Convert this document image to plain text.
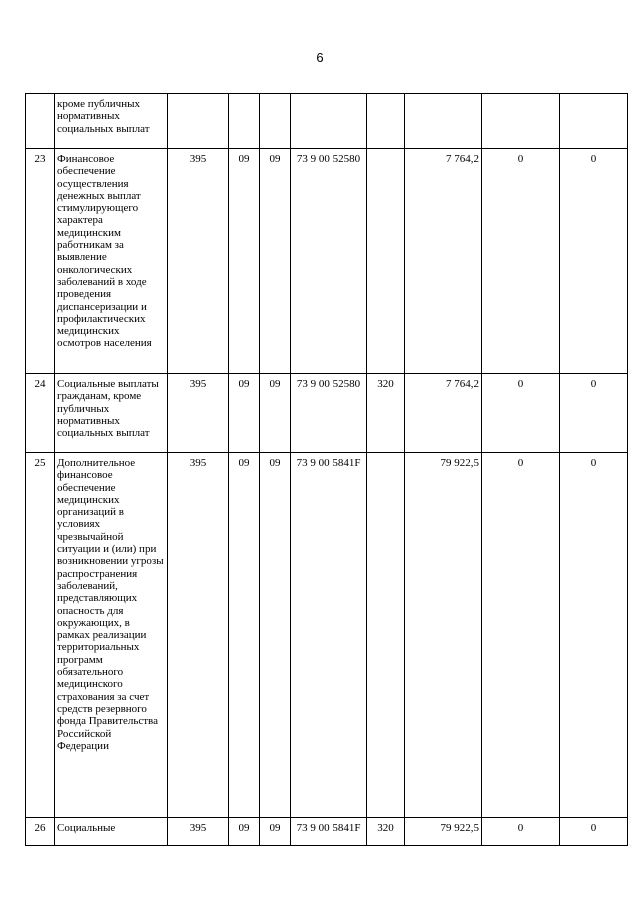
6
	кроме публичных нормативных социальных выплат								
23	Финансовое обеспечение осуществления денежных выплат стимулирующего характера медицинским работникам за выявление онкологических заболеваний в ходе проведения диспансеризации и профилактических медицинских осмотров населения	395	09	09	73 9 00 52580		7 764,2	0	0
24	Социальные выплаты гражданам, кроме публичных нормативных социальных выплат	395	09	09	73 9 00 52580	320	7 764,2	0	0
25	Дополнительное финансовое обеспечение медицинских организаций в условиях чрезвычайной ситуации и (или) при возникновении угрозы распространения заболеваний, представляющих опасность для окружающих, в рамках реализации территориальных программ обязательного медицинского страхования за счет средств резервного фонда Правительства Российской Федерации	395	09	09	73 9 00 5841F		79 922,5	0	0
26	Социальные	395	09	09	73 9 00 5841F	320	79 922,5	0	0
